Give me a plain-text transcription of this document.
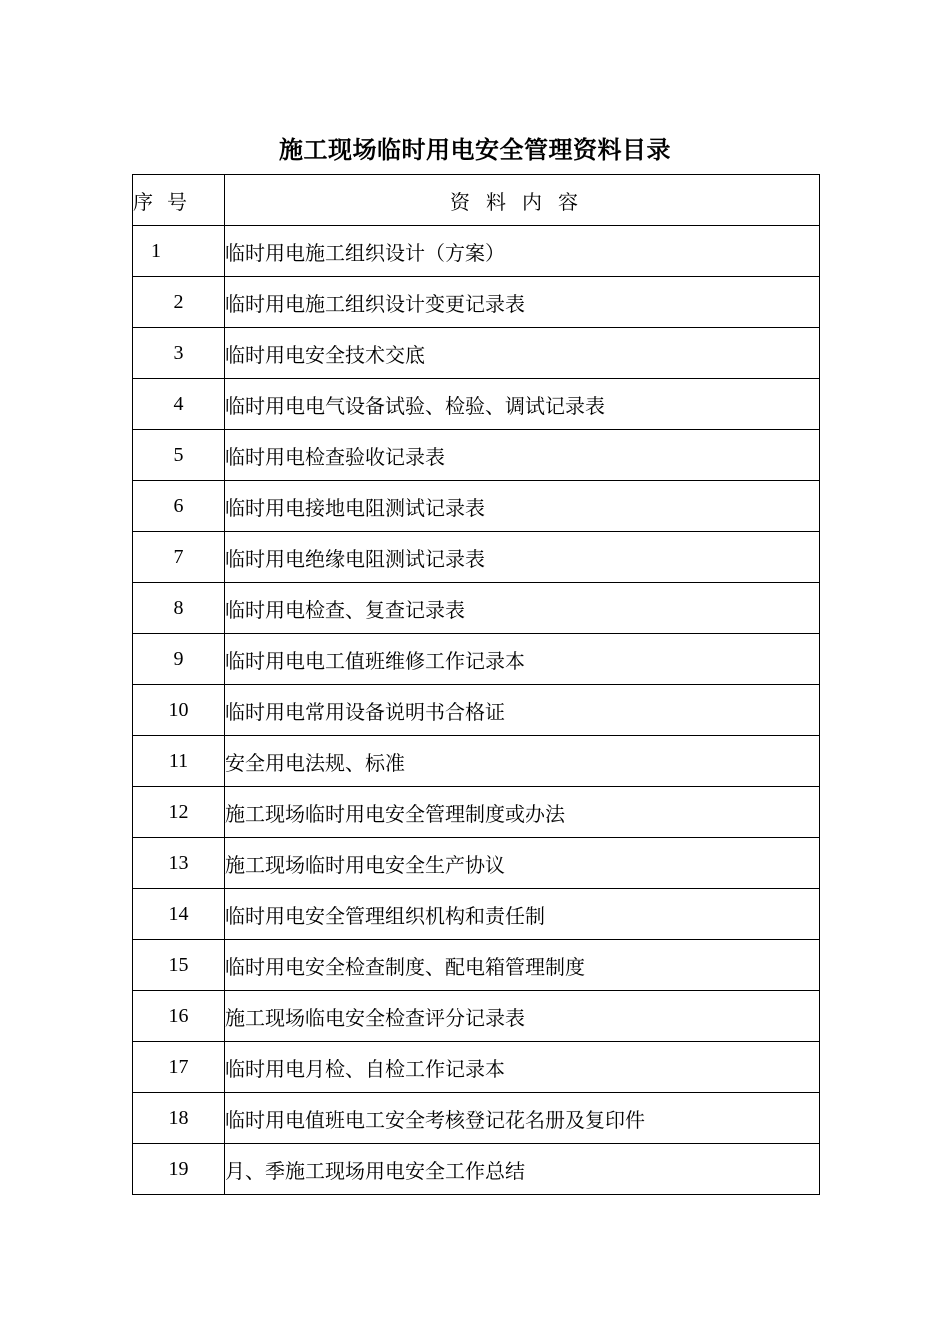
施工现场临时用电安全管理资料目录
序号	资料内容
1	临时用电施工组织设计（方案）
2	临时用电施工组织设计变更记录表
3	临时用电安全技术交底
4	临时用电电气设备试验、检验、调试记录表
5	临时用电检查验收记录表
6	临时用电接地电阻测试记录表
7	临时用电绝缘电阻测试记录表
8	临时用电检查、复查记录表
9	临时用电电工值班维修工作记录本
10	临时用电常用设备说明书合格证
11	安全用电法规、标准
12	施工现场临时用电安全管理制度或办法
13	施工现场临时用电安全生产协议
14	临时用电安全管理组织机构和责任制
15	临时用电安全检查制度、配电箱管理制度
16	施工现场临电安全检查评分记录表
17	临时用电月检、自检工作记录本
18	临时用电值班电工安全考核登记花名册及复印件
19	月、季施工现场用电安全工作总结
